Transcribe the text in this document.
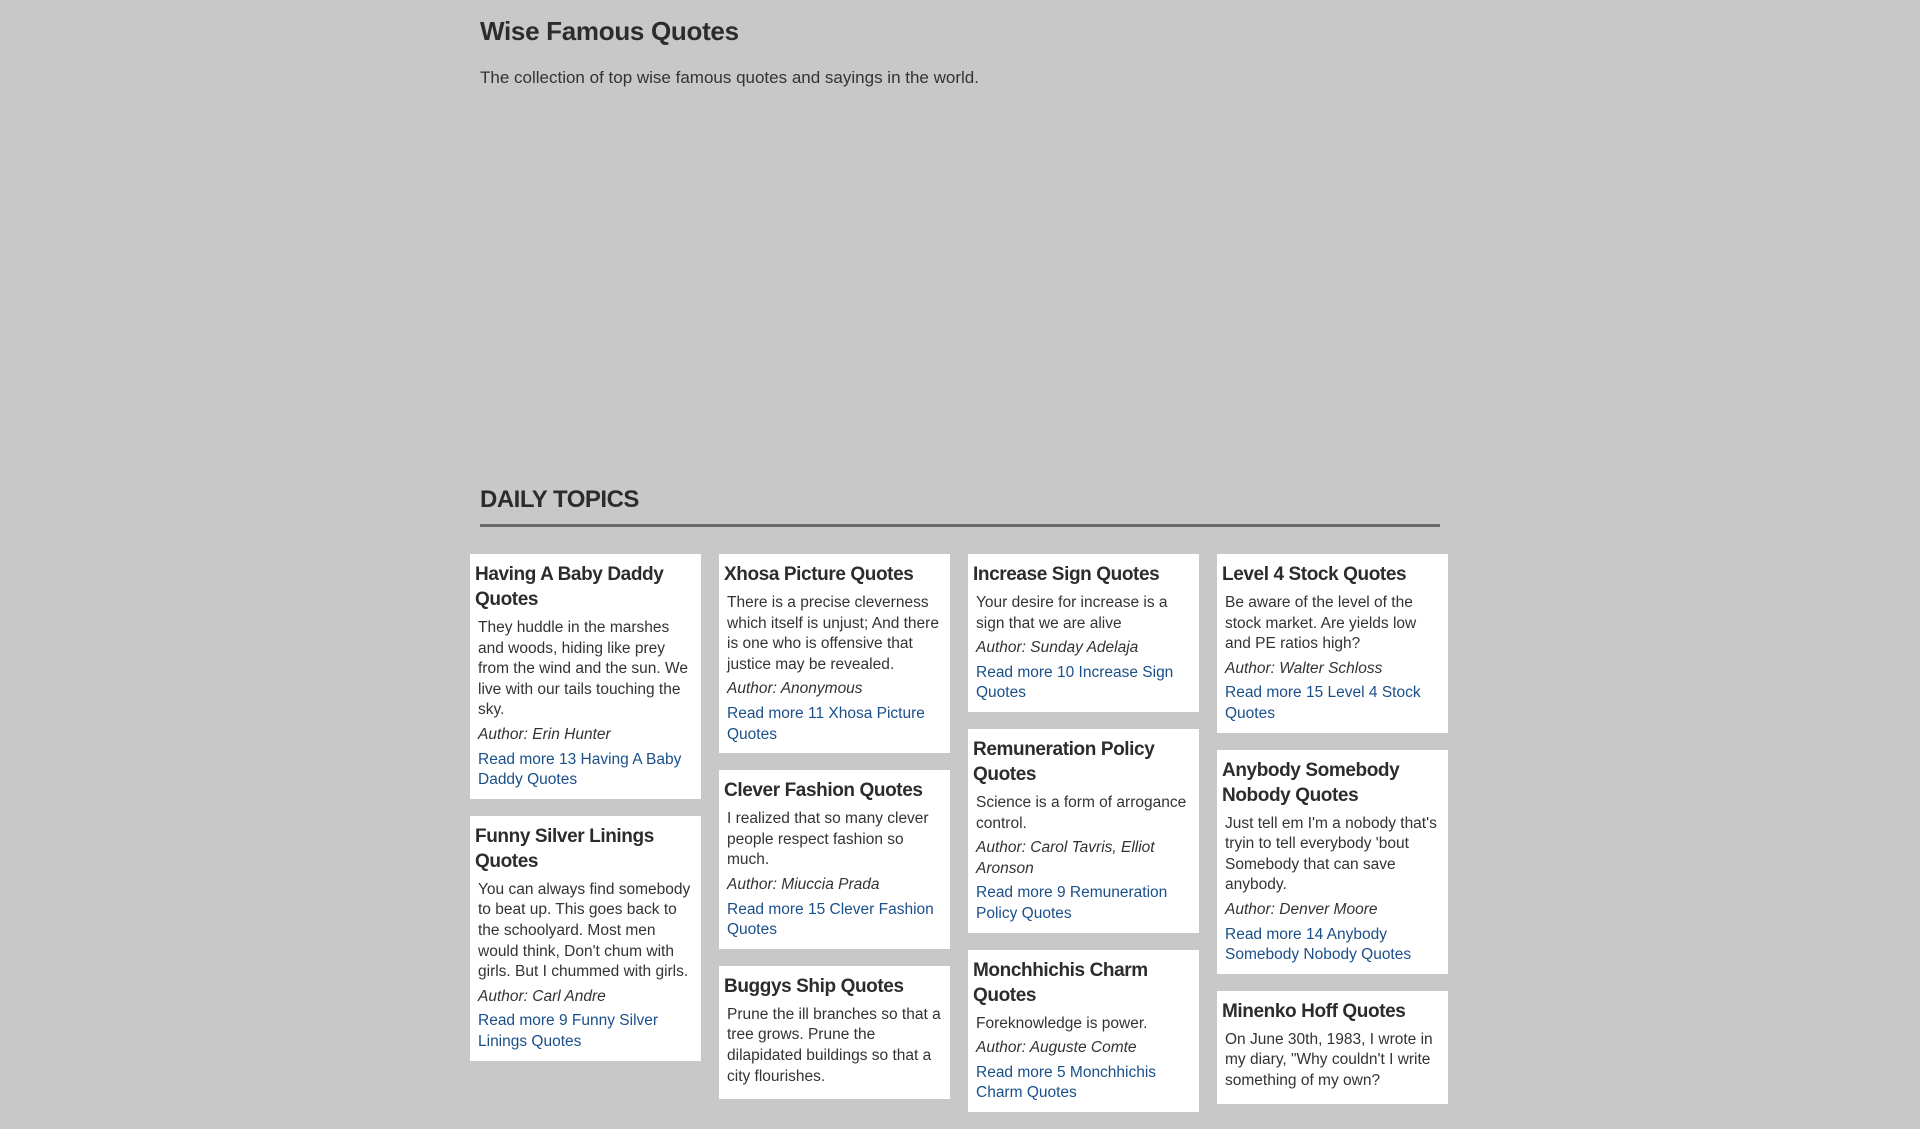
Wise Famous Quotes
The collection of top wise famous quotes and sayings in the world.
DAILY TOPICS
Having A Baby Daddy Quotes

They huddle in the marshes and woods, hiding like prey from the wind and the sun. We live with our tails touching the sky.

Author: Erin Hunter

Read more 13 Having A Baby Daddy Quotes
Funny Silver Linings Quotes

You can always find somebody to beat up. This goes back to the schoolyard. Most men would think, Don't chum with girls. But I chummed with girls.

Author: Carl Andre

Read more 9 Funny Silver Linings Quotes
Xhosa Picture Quotes

There is a precise cleverness which itself is unjust; And there is one who is offensive that justice may be revealed.

Author: Anonymous

Read more 11 Xhosa Picture Quotes
Clever Fashion Quotes

I realized that so many clever people respect fashion so much.

Author: Miuccia Prada

Read more 15 Clever Fashion Quotes
Buggys Ship Quotes

Prune the ill branches so that a tree grows. Prune the dilapidated buildings so that a city flourishes.

Increase Sign Quotes

Your desire for increase is a sign that we are alive

Author: Sunday Adelaja

Read more 10 Increase Sign Quotes
Remuneration Policy Quotes

Science is a form of arrogance control.

Author: Carol Tavris, Elliot Aronson

Read more 9 Remuneration Policy Quotes
Monchhichis Charm Quotes

Foreknowledge is power.

Author: Auguste Comte

Read more 5 Monchhichis Charm Quotes
Level 4 Stock Quotes

Be aware of the level of the stock market. Are yields low and PE ratios high?

Author: Walter Schloss

Read more 15 Level 4 Stock Quotes
Anybody Somebody Nobody Quotes

Just tell em I'm a nobody that's tryin to tell everybody 'bout Somebody that can save anybody.

Author: Denver Moore

Read more 14 Anybody Somebody Nobody Quotes
Minenko Hoff Quotes

On June 30th, 1983, I wrote in my diary, "Why couldn't I write something of my own?
